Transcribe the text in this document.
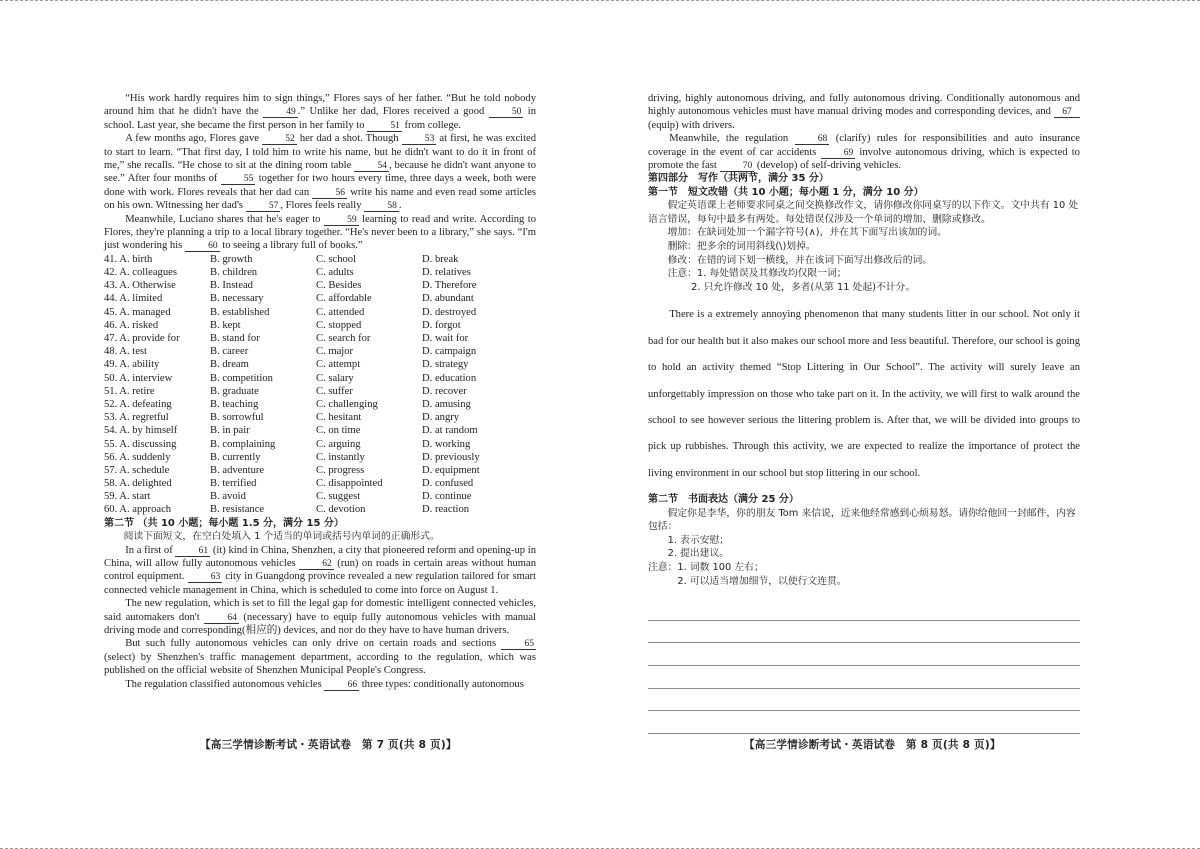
“His work hardly requires him to sign things,” Flores says of her father. “But he told nobody around him that he didn't have the	49 .” Unlike her dad, Flores received a good	50 in school. Last year, she became the first person in her family to	51 from college.

A few months ago, Flores gave	52 her dad a shot. Though	53 at first, he was excited to start to learn. “That first day, I told him to write his name, but he didn't want to do it in front of me,” she recalls. “He chose to sit at the dining room table	54 , because he didn't want anyone to see.” After four months of	55 together for two hours every time, three days a week, both were done with work. Flores reveals that her dad can	56 write his name and even read some articles on his own. Witnessing her dad's	57 , Flores feels really	58 .

Meanwhile, Luciano shares that he's eager to	59 learning to read and write. According to Flores, they're planning a trip to a local library together. “He's never been to a library,” she says. “I'm just wondering his	60 to seeing a library full of books.”

41. A. birth	B. growth	C. school	D. break
42. A. colleagues	B. children	C. adults	D. relatives
43. A. Otherwise	B. Instead	C. Besides	D. Therefore
44. A. limited	B. necessary	C. affordable	D. abundant
45. A. managed	B. established	C. attended	D. destroyed
46. A. risked	B. kept	C. stopped	D. forgot
47. A. provide for	B. stand for	C. search for	D. wait for
48. A. test	B. career	C. major	D. campaign
49. A. ability	B. dream	C. attempt	D. strategy
50. A. interview	B. competition	C. salary	D. education
51. A. retire	B. graduate	C. suffer	D. recover
52. A. defeating	B. teaching	C. challenging	D. amusing
53. A. regretful	B. sorrowful	C. hesitant	D. angry
54. A. by himself	B. in pair	C. on time	D. at random
55. A. discussing	B. complaining	C. arguing	D. working
56. A. suddenly	B. currently	C. instantly	D. previously
57. A. schedule	B. adventure	C. progress	D. equipment
58. A. delighted	B. terrified	C. disappointed	D. confused
59. A. start	B. avoid	C. suggest	D. continue
60. A. approach	B. resistance	C. devotion	D. reaction
第二节 （共 10 小题；每小题 1.5 分，满分 15 分）
阅读下面短文，在空白处填入 1 个适当的单词或括号内单词的正确形式。

In a first of	61 (it) kind in China, Shenzhen, a city that pioneered reform and opening-up in China, will allow fully autonomous vehicles	62 (run) on roads in certain areas without human control equipment.	63 city in Guangdong province revealed a new regulation tailored for smart connected vehicle management in China, which is scheduled to come into force on August 1.

The new regulation, which is set to fill the legal gap for domestic intelligent connected vehicles, said automakers don't	64 (necessary) have to equip fully autonomous vehicles with manual driving mode and corresponding(相应的) devices, and nor do they have to have human drivers.

But such fully autonomous vehicles can only drive on certain roads and sections	65 (select) by Shenzhen's traffic management department, according to the regulation, which was published on the official website of Shenzhen Municipal People's Congress.

The regulation classified autonomous vehicles	66 three types: conditionally autonomous

【高三学情诊断考试・英语试卷　第 7 页(共 8 页)】

driving, highly autonomous driving, and fully autonomous driving. Conditionally autonomous and highly autonomous vehicles must have manual driving modes and corresponding devices, and 67 (equip) with drivers.

Meanwhile, the regulation	68 (clarify) rules for responsibilities and auto insurance coverage in the event of car accidents	69 involve autonomous driving, which is expected to promote the fast	70 (develop) of self-driving vehicles.

第四部分　写作（共两节，满分 35 分）
第一节　短文改错（共 10 小题；每小题 1 分，满分 10 分）
假定英语课上老师要求同桌之间交换修改作文，请你修改你同桌写的以下作文。文中共有 10 处语言错误，每句中最多有两处。每处错误仅涉及一个单词的增加、删除或修改。
增加：在缺词处加一个漏字符号(∧)，并在其下面写出该加的词。
删除：把多余的词用斜线(\)划掉。
修改：在错的词下划一横线，并在该词下面写出修改后的词。
注意：1. 每处错误及其修改均仅限一词；
2. 只允许修改 10 处，多者(从第 11 处起)不计分。

There is a extremely annoying phenomenon that many students litter in our school. Not only it bad for our health but it also makes our school more and less beautiful. Therefore, our school is going to hold an activity themed “Stop Littering in Our School”. The activity will surely leave an unforgettably impression on those who take part on it. In the activity, we will first to walk around the school to see however serious the littering problem is. After that, we will be divided into groups to pick up rubbishes. Through this activity, we are expected to realize the importance of protect the living environment in our school but stop littering in our school.

第二节　书面表达（满分 25 分）
假定你是李华，你的朋友 Tom 来信说，近来他经常感到心烦易怒。请你给他回一封邮件，内容包括：
1. 表示安慰；
2. 提出建议。
注意：1. 词数 100 左右；
2. 可以适当增加细节，以使行文连贯。
【高三学情诊断考试・英语试卷　第 8 页(共 8 页)】
